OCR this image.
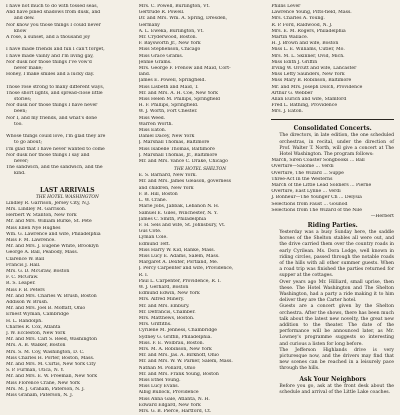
I have not much to do with tossed seas,
And have pined shadows from dusk, and
and dew.
Nor know you those things I could never
know
A rose, a sunset, and a thousand joy

I have made friends and fun I can't forget,
I have made vainly and I'm living gay,
Nor dusk nor those things I've vow'd
never make;
Honey, I make smiles and a lucky day.

Those rose strong to many different ways,
Those short lights, and spread-close little
stories;
Nor dusk nor those things I have never
been;
Nor I, and my friends, and what's done
too.

Whose things could love, I'm glad they are
to go about;
I'm glad that I have never wanted to come
Nor dusk nor those things I say and
never;
The sandwich, and the sandwich, and the
kind.
LAST ARRIVALS
THE HOTEL WASHINGTON
Lindley R. Garrison, Jersey City, N.J.
Mrs. Lindley M. Garrison.
Herbert W. Stanton, New York
Mr. and Mrs. William Burke, St. Pete
Miss Ellen Nye Hughes
Wm. G. Lawrence and wife, Philadelphia
Miss F. M. Lawrence.
Mr. and Mrs. J. Eugene White, Brooklyn
George A. Ball, Peabody, Mass.
Clarence W. Ball
Francis J. Hall.
Mrs. G. D. McGraw, Boston
F. C. McGraw.
R. S. Leaper.
Miss F. B. Peters
Mr. and Mrs. Charles W. Brush, Boston
Addison W. Brush.
Mr. and Mrs. Joel B. Moffatt, Ohio
Ernest Wyman, Cambridge
H. L. Randolph.
Charles R. Cox, Atlanta
J. W. Eccleston, New York
Mr. and Mrs. Carl S. Reed, Washington
Mrs. A. B. Walker, Boston
Mrs. S. M. Coy, Washington, D. C.
Miss Charles H. Porter, Boston, Mass.
Mr. and Mrs. M. Curtis, New York City
S. P. Furman, Utica, N. Y.
Mr. and Mrs. E. W. Freeman, New York
Miss Florence Crane, New York
Mrs. M. J. Graham, Paterson, N. J.
Miss Graham, Paterson, N. J.
Mrs. C. Powell, Burlington, Vt.
Gertrude R. Powell.
Dr. and Mrs. Wm. A. Spring, Dresden,
Germany
A. L. Eweka, Burlington, Vt.
Mr. Cryderwood, Boston.
F. Baysworth Jr., New York
Miss Stephenson, Chicago
Miss Grace Grams.
Jennie Grams.
Mrs. George F. Frenow and Maid, Cort-
land.
James E. Powell, Springfield.
Miss Lisbeth and Maid, T.
Mr. and Mrs. A. H. Coe, New York
Miss Helen M. Phillips, Springfield
H. F. Phillips, Springfield.
W. J. Worth, Fort Chester.
Miss Weed.
Warren Worth.
Miss Eaton.
Daniel Dacey, New York
J. Marshall Thomas, Baltimore
Miss Isabelle Thomas, Baltimore
J. Marshall Thomas, Jr., Baltimore
Mr. and Mrs. Vance C. Drake, Chicago
THE HOTEL SHELTON
E. S. Barnard, New York.
Mr. and Mrs. James Gleason, governess
and children, New York
F. B. Hill, Boston
L. W. Crane.
Marie Jobs, Jabbak, Lebanon N. H.
Samuel E. Giles, Winchester, N. Y.
James C. Smith, Philadelphia
F. H. Sels and wife, St. Johnsbury, Vt.
Gus Cote.
Lyman Cole.
Edmund Teft.
Miss Harry W. Kid, Ranke, Mass.
Miss Lucy E. Adams, Salem, Mass.
Margaret A. Dexter, Portland, Me.
J. Percy Carpenter and wife, Providence,
R. I.
Paul L. Carpenter, Providence, R. I.
W. J. Gerhard, Boston
Edmund Edwin, New York
Mrs. Alfred Minery.
Mr. and Mrs. Embury.
Mr. Defrancis, Chamber.
Mrs. Matthews, Boston.
Mrs. Griffiths.
Cyrilene M. Jenness, Chambridge
Sydney G. Griffin, Philadelphia.
Miss. F. E. Wolbrau, Boston.
Mrs. M. A. Robinson, New York
Mr. and Mrs. Jas. A. Birkhoff, Ohio
Mr. and Mrs. W. W. Parker, Salem, Mass.
Nathan M. Pollard, Ohio
Mr. and Mrs. Frank Young, Boston
Miss Ethel Young.
Miss Lucy Evans.
Albig Bullock, Providence
Miss Anna Gale, Atlanta, N. H.
Edward Edgard, New York
Mrs. G. B. Pierce, Hartford, Ct.
Phillis Lever
Lawrence Young, Pitts-field, Mass.
Mrs. Charles A. Young.
R. P. Ford, Raldwood, N. J.
Mrs. E. M. Rogers, Philadelphia
Martin Wallace.
H. J. Brown and wife, Boston
Miss L. E. Williams, Cutler, Mo.
Mrs. M. L. Skinner, Ovid, Mich.
Miss Edith J. Griffin
Irving W. Orcutt and wife, Lancaster
Miss Letty Saunders, New York
Miss Mary B. Robinson, Baltimore
Mr. and Mrs. Joseph Dolch, Providence
Arthur G. Webber
Allan Eurich and wife, Stamford
Fred L. Bathing, Providence
Mrs. J. Eaton.
Consolidated Concerts.
The directors, in late edition, the one scheduled orchestras, in recital, under the direction of Prof. Walter T. North, will give a concert at The Hotel Washington. The program follows:
March, Siren Coaster Songbooks ... Ball
Overture—Salome ... Verdi
Overture, The Wizard ... Suppe
Three-Act In the Westerns
March of the Little Lead Soldiers ... Pierne
Overture, East Lynne ... Verdi
J. Bonheur—The Younger Ch ... Delysia
Selections from Faust ... Gounod
Selections from The Wizard of the Nile
—Herbert
Riding Parties.
Yesterday was a busy Sunday here, the saddle horses of the Shelton stables all were out, and the drive carried them over the country roads in early Cyrilean. Ms. Dora Lodge, well known in riding circles, passed through the notable roads of the hills with all other summer guests. When a road trip was finished the parties returned for supper at the cottages.
Over years ago Mr. Hilliard, small uprise, then these. The Hotel Washington and The Shelton Washington, had a party a ride making it to him deliver they are the Carter hotel.
Guests are a concert given by the Shelton orchestra. After the shows, there has been much talk about the latest new novelty, the great new addition to the theater. The date of the performance will be announced later, as Mr. Lowney's programme suggests so interesting and curious a listen for long before.
The Jefferson Highlands drive is very picturesque now, and the drivers may find that new scenes can be reached in a leisurely pace through the hills.
Ask Your Neighbors
Before you go, ask at the front desk about the schedule and arrival of the Little Lake coaches.
